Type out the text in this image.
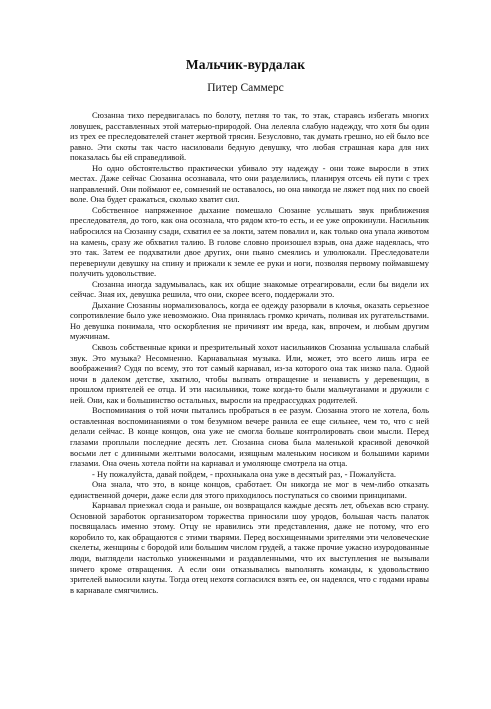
Мальчик-вурдалак
Питер Саммерс

Сюзанна тихо передвигалась по болоту, петляя то так, то этак, стараясь избегать многих ловушек, расставленных этой матерью-природой. Она лелеяла слабую надежду, что хотя бы один из трех ее преследователей станет жертвой трясин. Безусловно, так думать грешно, но ей было все равно. Эти скоты так часто насиловали бедную девушку, что любая страшная кара для них показалась бы ей справедливой.

Но одно обстоятельство практически убивало эту надежду - они тоже выросли в этих местах. Даже сейчас Сюзанна осознавала, что они разделились, планируя отсечь ей пути с трех направлений. Они поймают ее, сомнений не оставалось, но она никогда не ляжет под них по своей воле. Она будет сражаться, сколько хватит сил.

Собственное напряженное дыхание помешало Сюзанне услышать звук приближения преследователя, до того, как она осознала, что рядом кто-то есть, и ее уже опрокинули. Насильник набросился на Сюзанну сзади, схватил ее за локти, затем повалил и, как только она упала животом на камень, сразу же обхватил талию. В голове словно произошел взрыв, она даже надеялась, что это так. Затем ее подхватили двое других, они пьяно смеялись и улюлюкали. Преследователи перевернули девушку на спину и прижали к земле ее руки и ноги, позволяя первому поймавшему получить удовольствие.

Сюзанна иногда задумывалась, как их общие знакомые отреагировали, если бы видели их сейчас. Зная их, девушка решила, что они, скорее всего, поддержали это.

Дыхание Сюзанны нормализовалось, когда ее одежду разорвали в клочья, оказать серьезное сопротивление было уже невозможно. Она принялась громко кричать, поливая их ругательствами. Но девушка понимала, что оскорбления не причинят им вреда, как, впрочем, и любым другим мужчинам.

Сквозь собственные крики и презрительный хохот насильников Сюзанна услышала слабый звук. Это музыка? Несомненно. Карнавальная музыка. Или, может, это всего лишь игра ее воображения? Судя по всему, это тот самый карнавал, из-за которого она так низко пала. Одной ночи в далеком детстве, хватило, чтобы вызвать отвращение и ненависть у деревенщин, в прошлом приятелей ее отца. И эти насильники, тоже когда-то были мальчуганами и дружили с ней. Они, как и большинство остальных, выросли на предрассудках родителей.

Воспоминания о той ночи пытались пробраться в ее разум. Сюзанна этого не хотела, боль оставленная воспоминаниями о том безумном вечере ранила ее еще сильнее, чем то, что с ней делали сейчас. В конце концов, она уже не смогла больше контролировать свои мысли. Перед глазами проплыли последние десять лет. Сюзанна снова была маленькой красивой девочкой восьми лет с длинными желтыми волосами, изящным маленьким носиком и большими карими глазами. Она очень хотела пойти на карнавал и умоляюще смотрела на отца.

- Ну пожалуйста, давай пойдем, - прохныкала она уже в десятый раз, - Пожалуйста.

Она знала, что это, в конце концов, сработает. Он никогда не мог в чем-либо отказать единственной дочери, даже если для этого приходилось поступаться со своими принципами.

Карнавал приезжал сюда и раньше, он возвращался каждые десять лет, объехав всю страну. Основной заработок организатором торжества приносили шоу уродов, большая часть палаток посвящалась именно этому. Отцу не нравились эти представления, даже не потому, что его коробило то, как обращаются с этими тварями. Перед восхищенными зрителями эти человеческие скелеты, женщины с бородой или большим числом грудей, а также прочие ужасно изуродованные люди, выглядели настолько униженными и раздавленными, что их выступления не вызывали ничего кроме отвращения. А если они отказывались выполнять команды, к удовольствию зрителей выносили кнуты. Тогда отец нехотя согласился взять ее, он надеялся, что с годами нравы в карнавале смягчились.
